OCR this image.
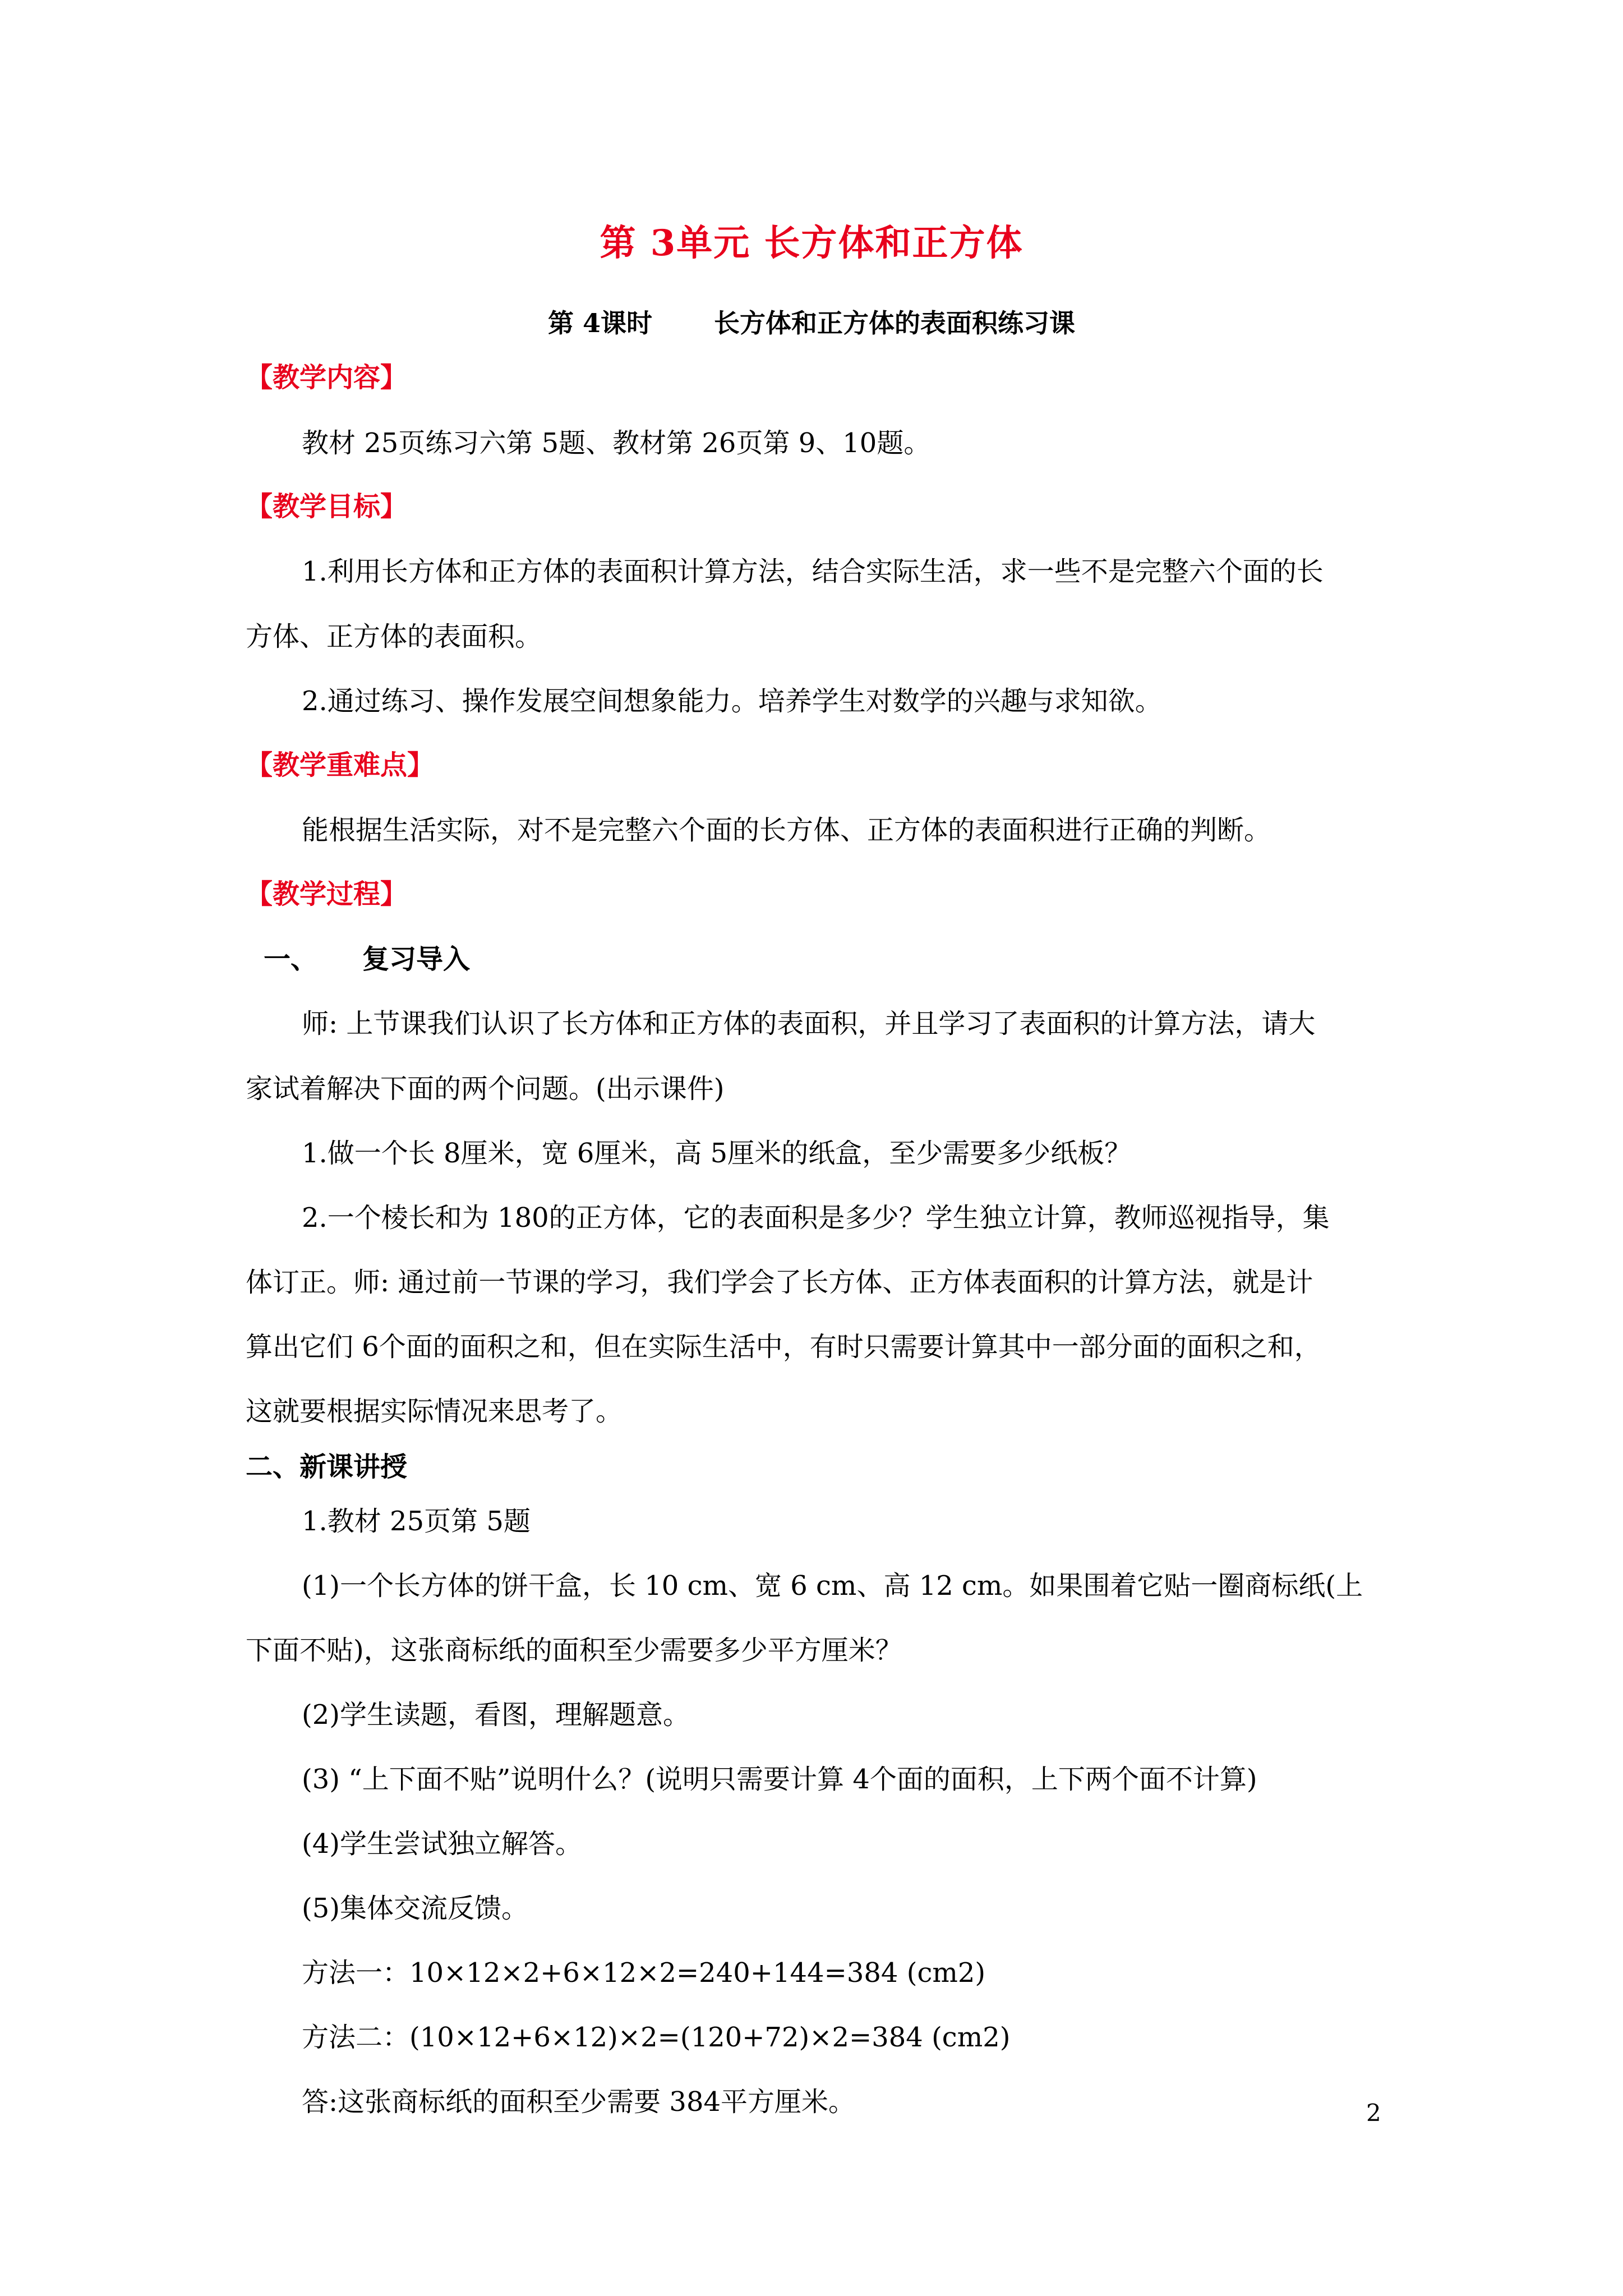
第 3单元 长方体和正方体
第 4课时 长方体和正方体的表面积练习课
【教学内容】
教材 25页练习六第 5题、教材第 26页第 9、10题。
【教学目标】
1.利用长方体和正方体的表面积计算方法，结合实际生活，求一些不是完整六个面的长
方体、正方体的表面积。
2.通过练习、操作发展空间想象能力。培养学生对数学的兴趣与求知欲。
【教学重难点】
能根据生活实际，对不是完整六个面的长方体、正方体的表面积进行正确的判断。
【教学过程】
一、 复习导入
师: 上节课我们认识了长方体和正方体的表面积，并且学习了表面积的计算方法，请大
家试着解决下面的两个问题。(出示课件)
1.做一个长 8厘米，宽 6厘米，高 5厘米的纸盒，至少需要多少纸板？
2.一个棱长和为 180的正方体，它的表面积是多少？学生独立计算，教师巡视指导，集
体订正。师: 通过前一节课的学习，我们学会了长方体、正方体表面积的计算方法，就是计
算出它们 6个面的面积之和，但在实际生活中，有时只需要计算其中一部分面的面积之和，
这就要根据实际情况来思考了。
二、新课讲授
1.教材 25页第 5题
(1)一个长方体的饼干盒，长 10 cm、宽 6 cm、高 12 cm。如果围着它贴一圈商标纸(上
下面不贴)，这张商标纸的面积至少需要多少平方厘米？
(2)学生读题，看图，理解题意。
(3) “上下面不贴”说明什么？(说明只需要计算 4个面的面积，上下两个面不计算)
(4)学生尝试独立解答。
(5)集体交流反馈。
方法一：10×12×2+6×12×2=240+144=384 (cm2)
方法二：(10×12+6×12)×2=(120+72)×2=384 (cm2)
答:这张商标纸的面积至少需要 384平方厘米。	2
